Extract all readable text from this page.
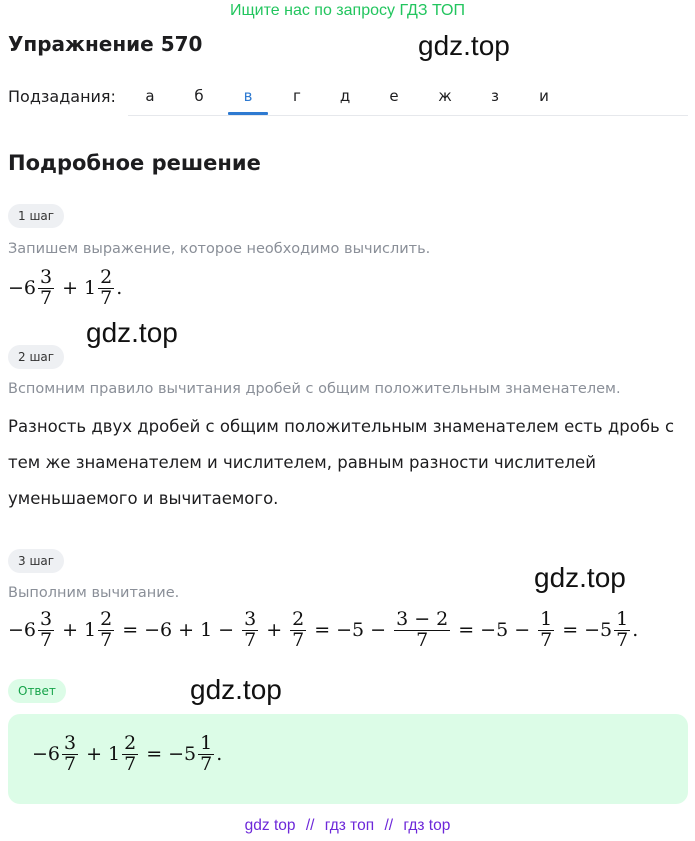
Ищите нас по запросу ГДЗ ТОП
Упражнение 570	gdz.top
Подзадания:	а	б	в	г	д	е	ж	з	и
Подробное решение
1 шаг
Запишем выражение, которое необходимо вычислить.
− $6 \frac{3}{7} + 1 \frac{2}{7}$ .
gdz.top
2 шаг
Вспомним правило вычитания дробей с общим положительным знаменателем.
Разность двух дробей с общим положительным знаменателем есть дробь с
тем же знаменателем и числителем, равным разности числителей
уменьшаемого и вычитаемого.
3 шаг
gdz.top
Выполним вычитание.
− $6 \frac{3}{7} + 1 \frac{2}{7} = -6 + 1 - \frac{3}{7} + \frac{2}{7} = -5 - \frac{3 - 2}{7} = -5 - \frac{1}{7} = -5 \frac{1}{7}$ .
Ответ	gdz.top
− $6 \frac{3}{7} + 1 \frac{2}{7} = -5 \frac{1}{7}$ .
gdz top // гдз топ // гдз top
